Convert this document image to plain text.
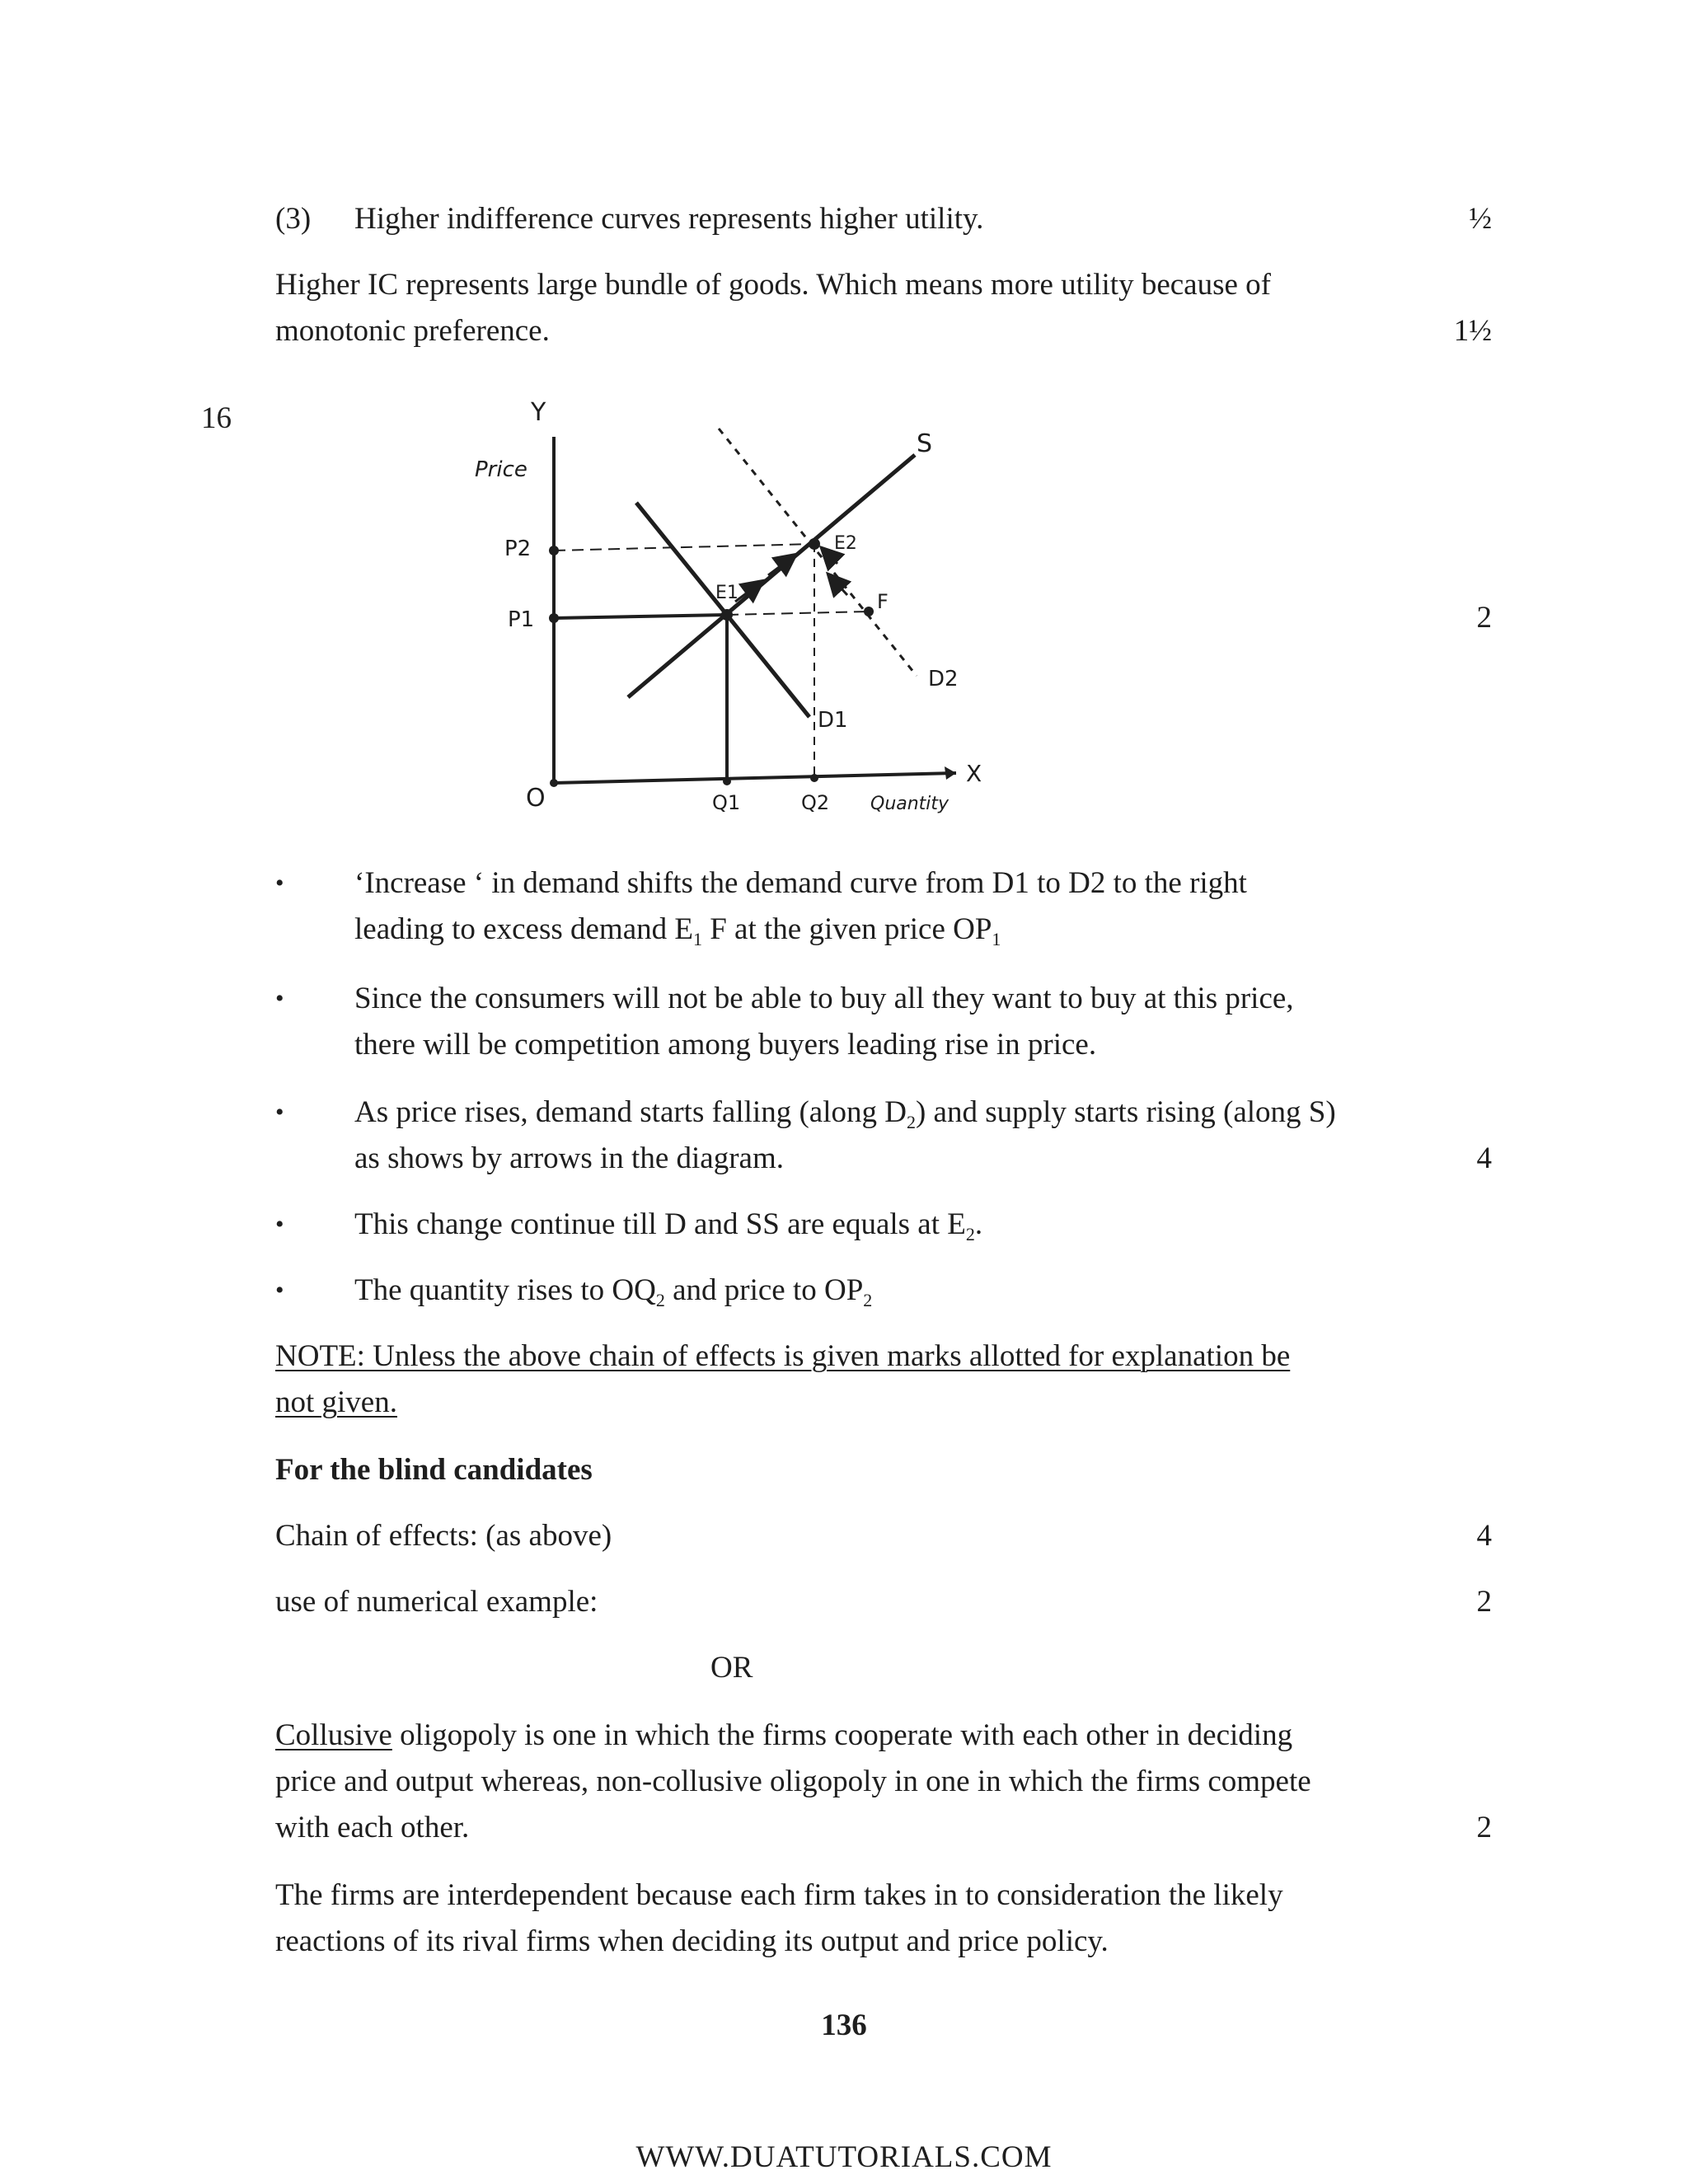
(3) Higher indifference curves represents higher utility.	½
Higher IC represents large bundle of goods. Which means more utility because of
monotonic preference.	1½
16
2
Y
Price
P2
P1
O	Q1	Q2 Quantity
X
S
E1
E2
F
D1
D2
• ‘Increase ‘ in demand shifts the demand curve from D1 to D2 to the right
leading to excess demand $E_1$ F at the given price $OP_1$
• Since the consumers will not be able to buy all they want to buy at this price,
there will be competition among buyers leading rise in price.
• As price rises, demand starts falling (along $D_2$) and supply starts rising (along S)
as shows by arrows in the diagram.	4
• This change continue till D and SS are equals at $E_2$.
• The quantity rises to $OQ_2$ and price to $OP_2$
NOTE: Unless the above chain of effects is given marks allotted for explanation be
not given.
For the blind candidates
Chain of effects: (as above)	4
use of numerical example:	2
OR
Collusive oligopoly is one in which the firms cooperate with each other in deciding
price and output whereas, non-collusive oligopoly in one in which the firms compete
with each other.	2
The firms are interdependent because each firm takes in to consideration the likely
reactions of its rival firms when deciding its output and price policy.
136
WWW.DUATUTORIALS.COM
